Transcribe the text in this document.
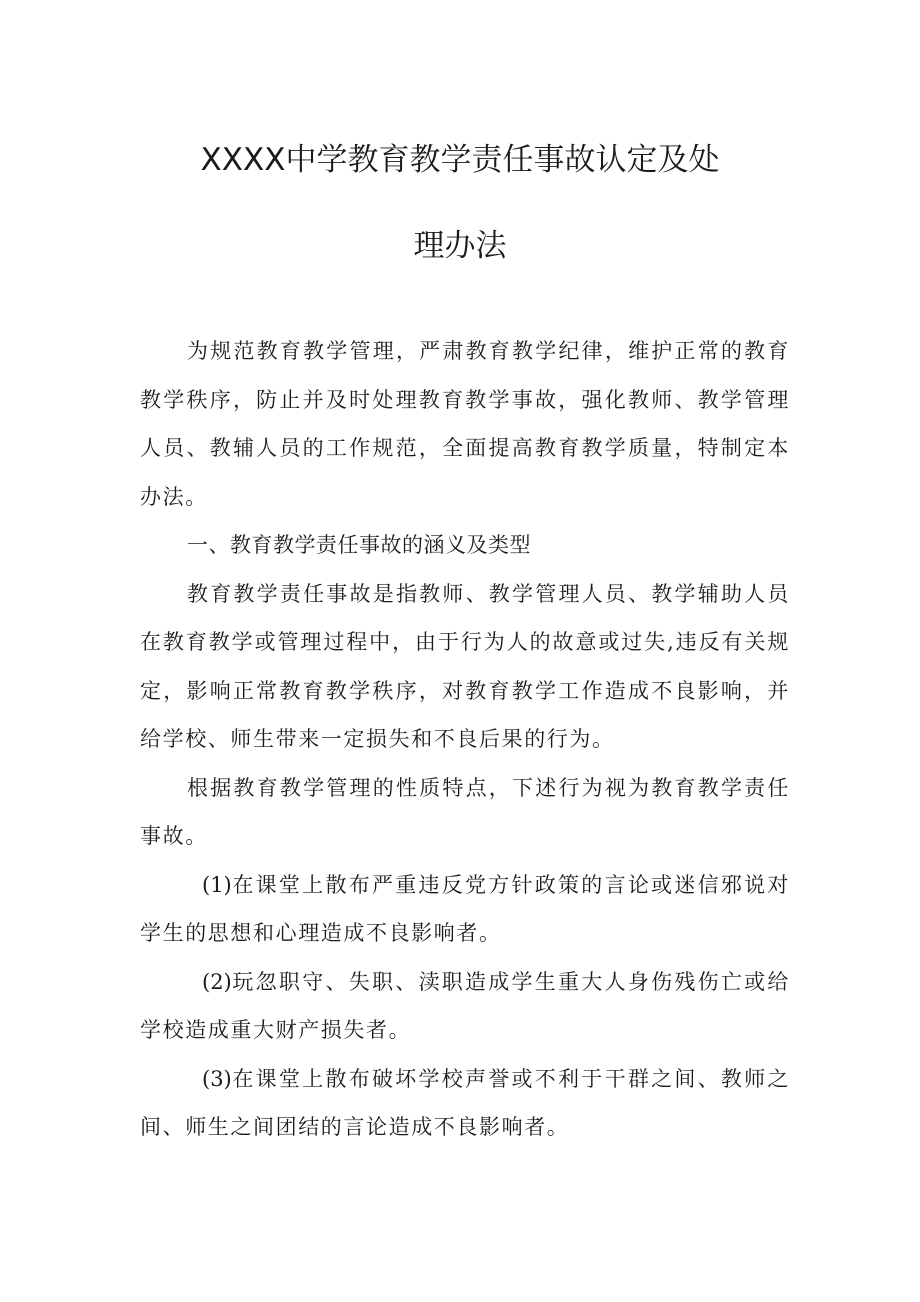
XXXX中学教育教学责任事故认定及处
理办法

为规范教育教学管理，严肃教育教学纪律，维护正常的教育教学秩序，防止并及时处理教育教学事故，强化教师、教学管理人员、教辅人员的工作规范，全面提高教育教学质量，特制定本办法。

一、教育教学责任事故的涵义及类型

教育教学责任事故是指教师、教学管理人员、教学辅助人员在教育教学或管理过程中，由于行为人的故意或过失,违反有关规定，影响正常教育教学秩序，对教育教学工作造成不良影响，并给学校、师生带来一定损失和不良后果的行为。

根据教育教学管理的性质特点，下述行为视为教育教学责任事故。

(1)在课堂上散布严重违反党方针政策的言论或迷信邪说对学生的思想和心理造成不良影响者。

(2)玩忽职守、失职、渎职造成学生重大人身伤残伤亡或给学校造成重大财产损失者。

(3)在课堂上散布破坏学校声誉或不利于干群之间、教师之间、师生之间团结的言论造成不良影响者。
